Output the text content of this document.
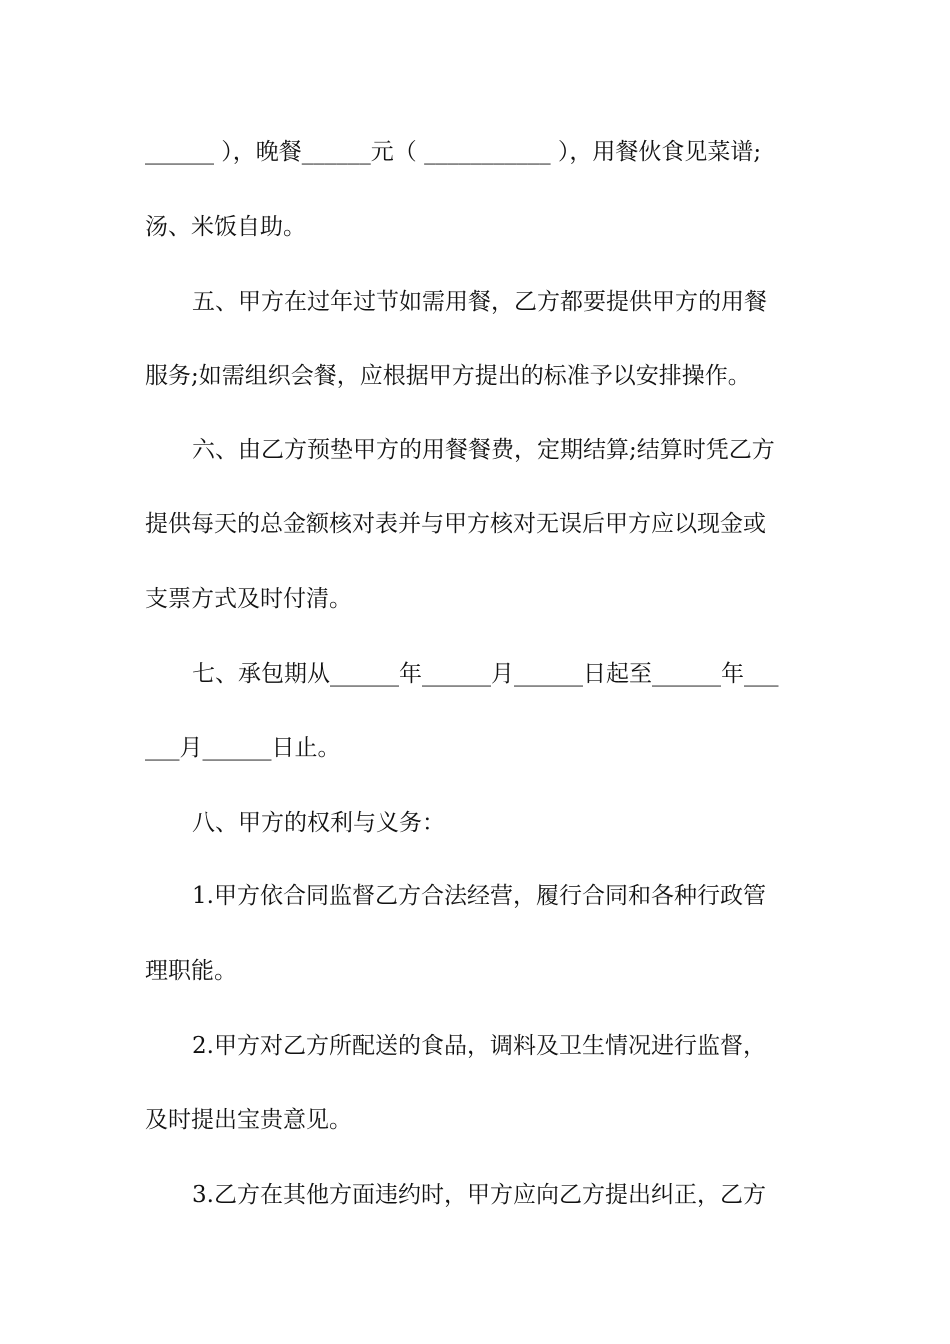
______ ），晚餐______元（ ___________ ），用餐伙食见菜谱;
汤、米饭自助。
五、甲方在过年过节如需用餐，乙方都要提供甲方的用餐
服务;如需组织会餐，应根据甲方提出的标准予以安排操作。
六、由乙方预垫甲方的用餐餐费，定期结算;结算时凭乙方
提供每天的总金额核对表并与甲方核对无误后甲方应以现金或
支票方式及时付清。
七、承包期从______年______月______日起至______年___
___月______日止。
八、甲方的权利与义务：
1.甲方依合同监督乙方合法经营，履行合同和各种行政管
理职能。
2.甲方对乙方所配送的食品，调料及卫生情况进行监督，
及时提出宝贵意见。
3.乙方在其他方面违约时，甲方应向乙方提出纠正，乙方
